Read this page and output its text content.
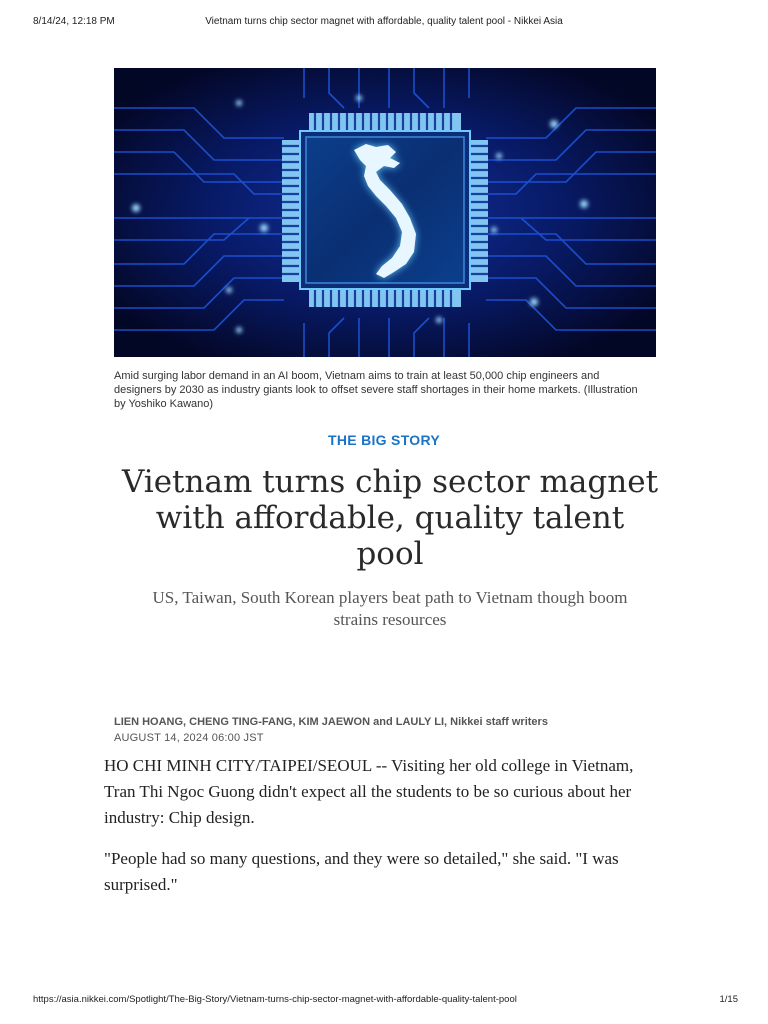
8/14/24, 12:18 PM	Vietnam turns chip sector magnet with affordable, quality talent pool - Nikkei Asia
Amid surging labor demand in an AI boom, Vietnam aims to train at least 50,000 chip engineers and designers by 2030 as industry giants look to offset severe staff shortages in their home markets. (Illustration by Yoshiko Kawano)
THE BIG STORY
Vietnam turns chip sector magnet with affordable, quality talent pool

US, Taiwan, South Korean players beat path to Vietnam though boom strains resources

LIEN HOANG, CHENG TING-FANG, KIM JAEWON and LAULY LI, Nikkei staff writers
AUGUST 14, 2024 06:00 JST

HO CHI MINH CITY/TAIPEI/SEOUL -- Visiting her old college in Vietnam, Tran Thi Ngoc Guong didn't expect all the students to be so curious about her industry: Chip design.

"People had so many questions, and they were so detailed," she said. "I was surprised."

https://asia.nikkei.com/Spotlight/The-Big-Story/Vietnam-turns-chip-sector-magnet-with-affordable-quality-talent-pool	1/15
